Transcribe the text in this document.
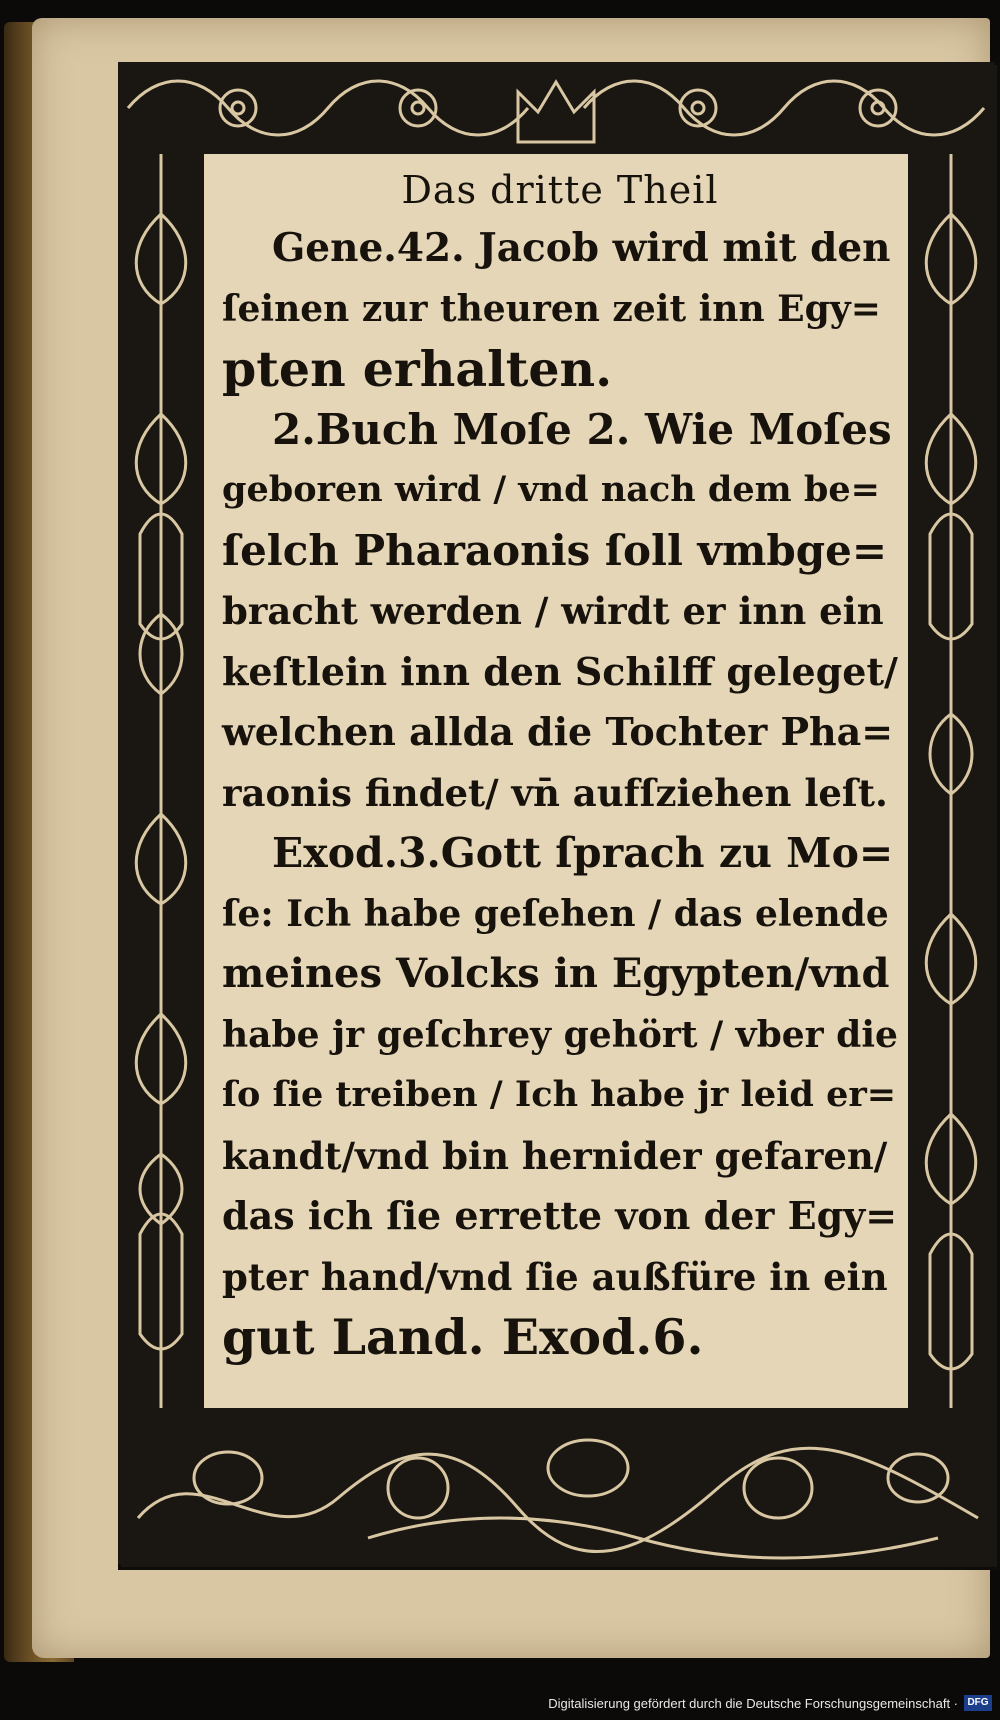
Das dritte Theil

Gene.42. Jacob wird mit den
ſeinen zur theuren zeit inn Egy=
pten erhalten.

2.Buch Moſe 2. Wie Moſes
geboren wird / vnd nach dem be=
ſelch Pharaonis ſoll vmbge=
bracht werden / wirdt er inn ein
keſtlein inn den Schilff geleget/
welchen allda die Tochter Pha=
raonis findet/ vn̄ aufſziehen leſt.

Exod.3.Gott ſprach zu Mo=
ſe: Ich habe geſehen / das elende
meines Volcks in Egypten/vnd
habe jr geſchrey gehört / vber die
ſo ſie treiben / Ich habe jr leid er=
kandt/vnd bin hernider gefaren/
das ich ſie errette von der Egy=
pter hand/vnd ſie außfüre in ein
gut Land. Exod.6.

Digitalisierung gefördert durch die Deutsche Forschungsgemeinschaft · DFG
